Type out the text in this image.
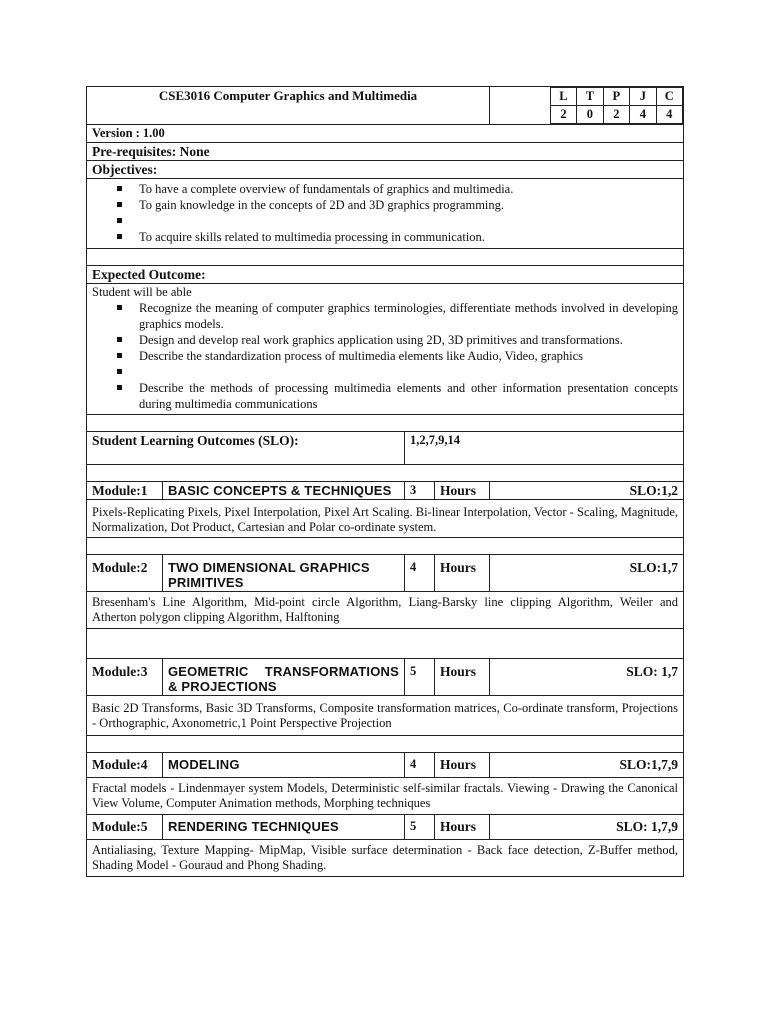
CSE3016 Computer Graphics and Multimedia		L	T	P	J	C
2	0	2	4	4

Version : 1.00
Pre-requisites: None
Objectives:

To have a complete overview of fundamentals of graphics and multimedia.
To gain knowledge in the concepts of 2D and 3D graphics programming.
To acquire skills related to multimedia processing in communication.

Expected Outcome:

Student will be able
Recognize the meaning of computer graphics terminologies, differentiate methods involved in developing graphics models.
Design and develop real work graphics application using 2D, 3D primitives and transformations.
Describe the standardization process of multimedia elements like Audio, Video, graphics
Describe the methods of processing multimedia elements and other information presentation concepts during multimedia communications

Student Learning Outcomes (SLO):	1,2,7,9,14

Module:1	BASIC CONCEPTS & TECHNIQUES	3	Hours	SLO:1,2
Pixels-Replicating Pixels, Pixel Interpolation, Pixel Art Scaling. Bi-linear Interpolation, Vector - Scaling, Magnitude, Normalization, Dot Product, Cartesian and Polar co-ordinate system.

Module:2	TWO DIMENSIONAL GRAPHICS PRIMITIVES	4	Hours	SLO:1,7
Bresenham's Line Algorithm, Mid-point circle Algorithm, Liang-Barsky line clipping Algorithm, Weiler and Atherton polygon clipping Algorithm, Halftoning

Module:3	GEOMETRIC TRANSFORMATIONS & PROJECTIONS	5	Hours	SLO: 1,7
Basic 2D Transforms, Basic 3D Transforms, Composite transformation matrices, Co-ordinate transform, Projections - Orthographic, Axonometric,1 Point Perspective Projection

Module:4	MODELING	4	Hours	SLO:1,7,9
Fractal models - Lindenmayer system Models, Deterministic self-similar fractals. Viewing - Drawing the Canonical View Volume, Computer Animation methods, Morphing techniques
Module:5	RENDERING TECHNIQUES	5	Hours	SLO: 1,7,9
Antialiasing, Texture Mapping- MipMap, Visible surface determination - Back face detection, Z-Buffer method, Shading Model - Gouraud and Phong Shading.
